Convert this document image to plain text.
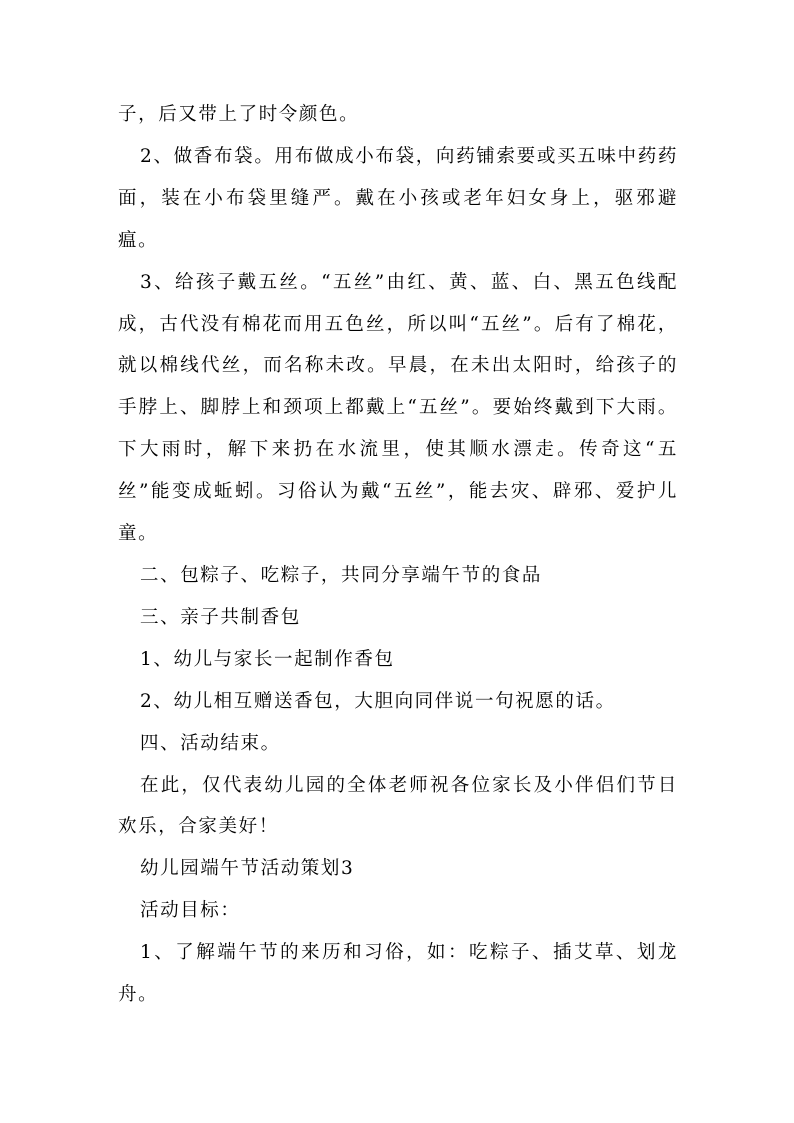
子，后又带上了时令颜色。

2、做香布袋。用布做成小布袋，向药铺索要或买五味中药药面，装在小布袋里缝严。戴在小孩或老年妇女身上，驱邪避瘟。

3、给孩子戴五丝。“五丝”由红、黄、蓝、白、黑五色线配成，古代没有棉花而用五色丝，所以叫“五丝”。后有了棉花，就以棉线代丝，而名称未改。早晨，在未出太阳时，给孩子的手脖上、脚脖上和颈项上都戴上“五丝”。要始终戴到下大雨。下大雨时，解下来扔在水流里，使其顺水漂走。传奇这“五丝”能变成蚯蚓。习俗认为戴“五丝”，能去灾、辟邪、爱护儿童。

二、包粽子、吃粽子，共同分享端午节的食品

三、亲子共制香包

1、幼儿与家长一起制作香包

2、幼儿相互赠送香包，大胆向同伴说一句祝愿的话。

四、活动结束。

在此，仅代表幼儿园的全体老师祝各位家长及小伴侣们节日欢乐，合家美好！

幼儿园端午节活动策划3

活动目标：

1、了解端午节的来历和习俗，如：吃粽子、插艾草、划龙舟。
